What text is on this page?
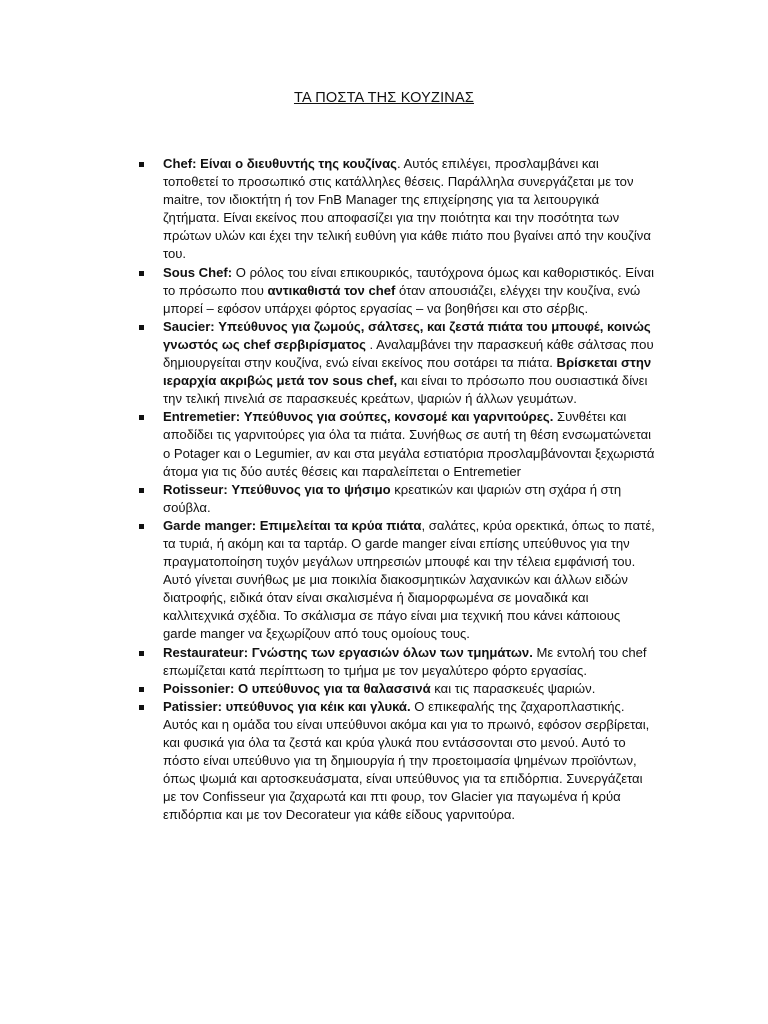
ΤΑ ΠΟΣΤΑ ΤΗΣ ΚΟΥΖΙΝΑΣ
Chef: Είναι ο διευθυντής της κουζίνας. Αυτός επιλέγει, προσλαμβάνει και τοποθετεί το προσωπικό στις κατάλληλες θέσεις. Παράλληλα συνεργάζεται με τον maitre, τον ιδιοκτήτη ή τον FnB Manager της επιχείρησης για τα λειτουργικά ζητήματα. Είναι εκείνος που αποφασίζει για την ποιότητα και την ποσότητα των πρώτων υλών και έχει την τελική ευθύνη για κάθε πιάτο που βγαίνει από την κουζίνα του.
Sous Chef: Ο ρόλος του είναι επικουρικός, ταυτόχρονα όμως και καθοριστικός. Είναι το πρόσωπο που αντικαθιστά τον chef όταν απουσιάζει, ελέγχει την κουζίνα, ενώ μπορεί – εφόσον υπάρχει φόρτος εργασίας – να βοηθήσει και στο σέρβις.
Saucier: Υπεύθυνος για ζωμούς, σάλτσες, και ζεστά πιάτα του μπουφέ, κοινώς γνωστός ως chef σερβιρίσματος . Αναλαμβάνει την παρασκευή κάθε σάλτσας που δημιουργείται στην κουζίνα, ενώ είναι εκείνος που σοτάρει τα πιάτα. Βρίσκεται στην ιεραρχία ακριβώς μετά τον sous chef, και είναι το πρόσωπο που ουσιαστικά δίνει την τελική πινελιά σε παρασκευές κρεάτων, ψαριών ή άλλων γευμάτων.
Entremetier: Υπεύθυνος για σούπες, κονσομέ και γαρνιτούρες. Συνθέτει και αποδίδει τις γαρνιτούρες για όλα τα πιάτα. Συνήθως σε αυτή τη θέση ενσωματώνεται ο Potager και ο Legumier, αν και στα μεγάλα εστιατόρια προσλαμβάνονται ξεχωριστά άτομα για τις δύο αυτές θέσεις και παραλείπεται ο Entremetier
Rotisseur: Υπεύθυνος για το ψήσιμο κρεατικών και ψαριών στη σχάρα ή στη σούβλα.
Garde manger: Επιμελείται τα κρύα πιάτα, σαλάτες, κρύα ορεκτικά, όπως το πατέ, τα τυριά, ή ακόμη και τα ταρτάρ. Ο garde manger είναι επίσης υπεύθυνος για την πραγματοποίηση τυχόν μεγάλων υπηρεσιών μπουφέ και την τέλεια εμφάνισή του. Αυτό γίνεται συνήθως με μια ποικιλία διακοσμητικών λαχανικών και άλλων ειδών διατροφής, ειδικά όταν είναι σκαλισμένα ή διαμορφωμένα σε μοναδικά και καλλιτεχνικά σχέδια. Το σκάλισμα σε πάγο είναι μια τεχνική που κάνει κάποιους garde manger να ξεχωρίζουν από τους ομοίους τους.
Restaurateur: Γνώστης των εργασιών όλων των τμημάτων. Με εντολή του chef επωμίζεται κατά περίπτωση το τμήμα με τον μεγαλύτερο φόρτο εργασίας.
Poissonier: Ο υπεύθυνος για τα θαλασσινά και τις παρασκευές ψαριών.
Patissier: υπεύθυνος για κέικ και γλυκά. Ο επικεφαλής της ζαχαροπλαστικής. Αυτός και η ομάδα του είναι υπεύθυνοι ακόμα και για το πρωινό, εφόσον σερβίρεται, και φυσικά για όλα τα ζεστά και κρύα γλυκά που εντάσσονται στο μενού. Αυτό το πόστο είναι υπεύθυνο για τη δημιουργία ή την προετοιμασία ψημένων προϊόντων, όπως ψωμιά και αρτοσκευάσματα, είναι υπεύθυνος για τα επιδόρπια. Συνεργάζεται με τον Confisseur για ζαχαρωτά και πτι φουρ, τον Glacier για παγωμένα ή κρύα επιδόρπια και με τον Decorateur για κάθε είδους γαρνιτούρα.
